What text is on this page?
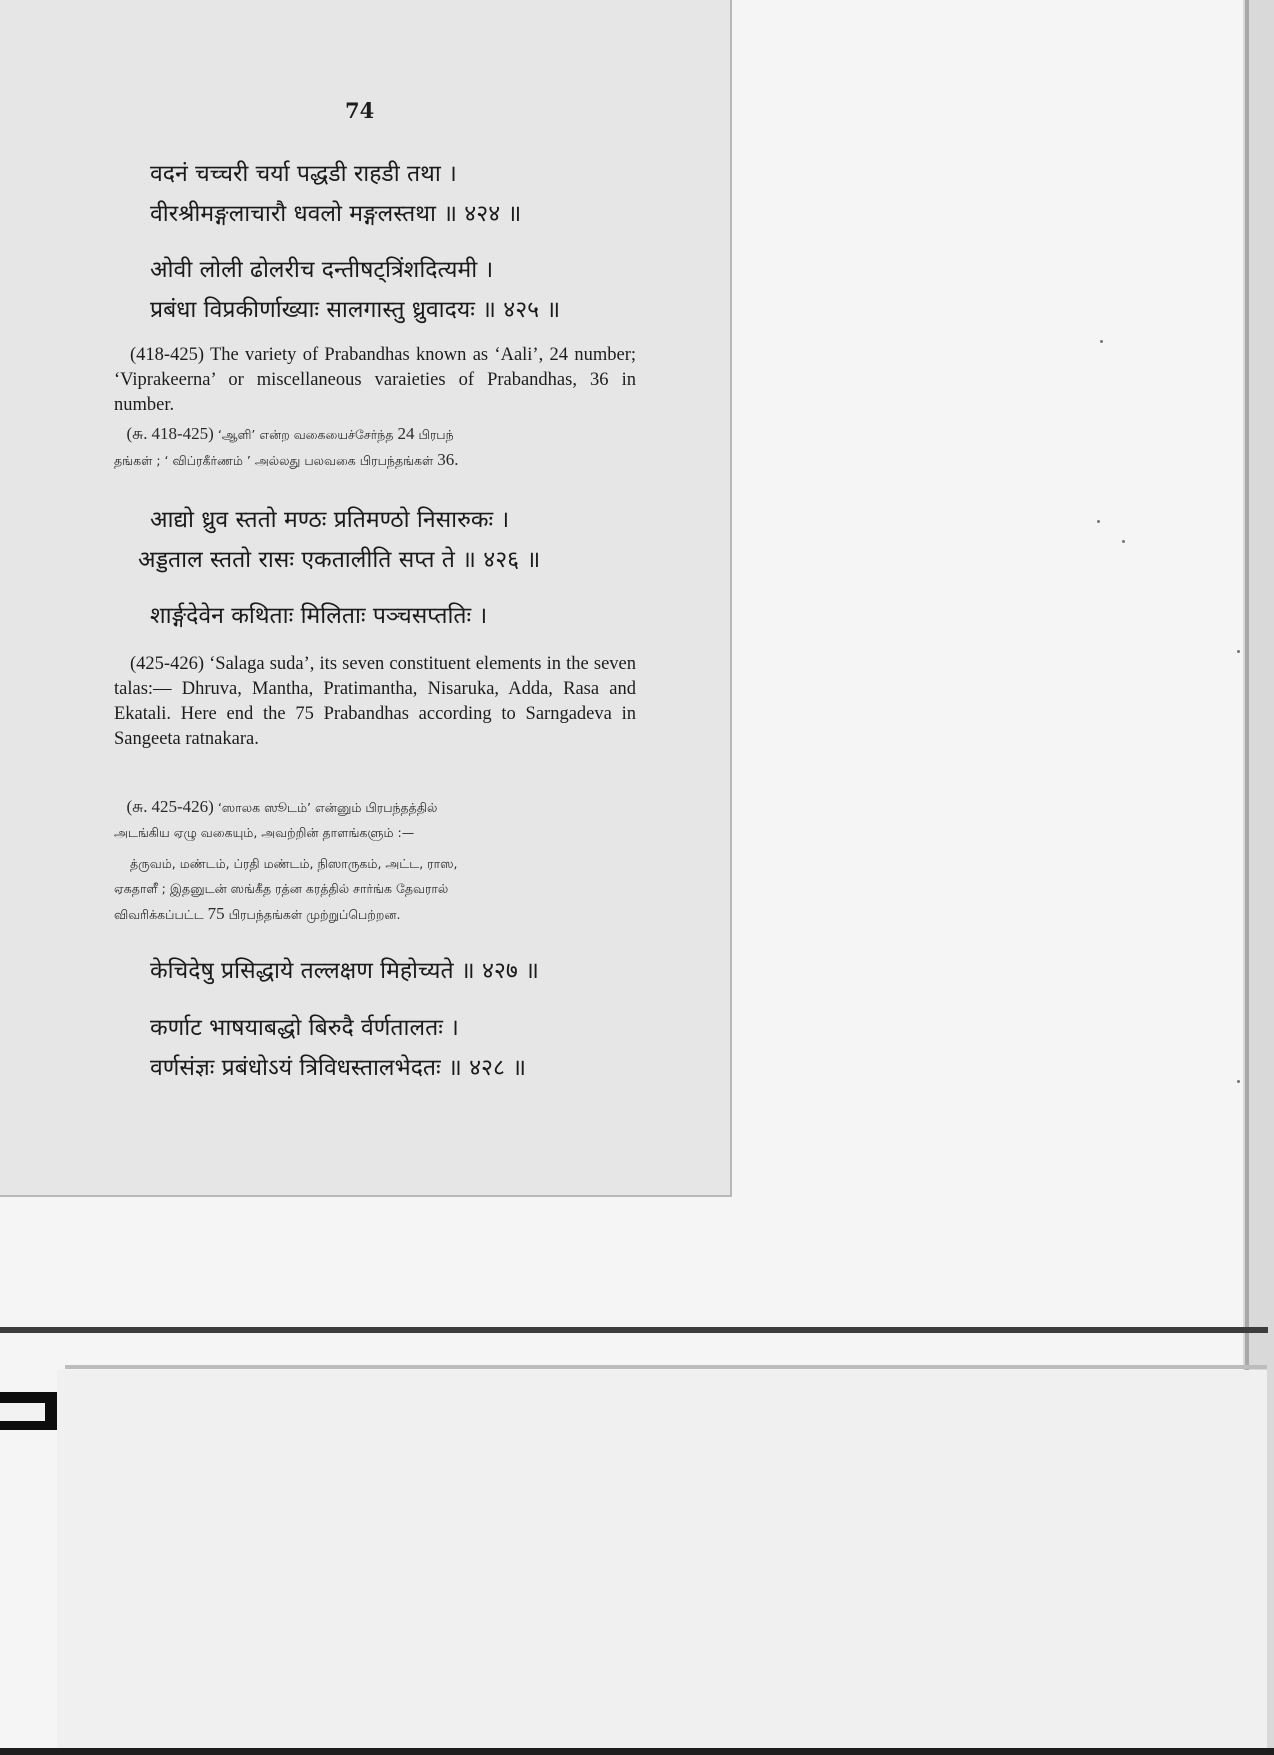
74
वदनं चच्चरी चर्या पद्धडी राहडी तथा ।
वीरश्रीमङ्गलाचारौ धवलो मङ्गलस्तथा ॥ ४२४ ॥
ओवी लोली ढोलरीच दन्तीषट्त्रिंशदित्यमी ।
प्रबंधा विप्रकीर्णाख्याः सालगास्तु ध्रुवादयः ॥ ४२५ ॥
(418-425) The variety of Prabandhas known as ‘Aali’, 24 number; ‘Viprakeerna’ or miscellaneous varaieties of Prabandhas, 36 in number.
 (சு. 418-425) ‘ஆளி’ என்ற வகையைச்சேர்ந்த 24 பிரபந்
தங்கள் ; ‘ விப்ரகீர்ணம் ’ அல்லது பலவகை பிரபந்தங்கள் 36.
आद्यो ध्रुव स्ततो मण्ठः प्रतिमण्ठो निसारुकः ।
अड्डताल स्ततो रासः एकतालीति सप्त ते ॥ ४२६ ॥
शार्ङ्गदेवेन कथिताः मिलिताः पञ्चसप्ततिः ।
(425-426) ‘Salaga suda’, its seven constituent elements in the seven talas:— Dhruva, Mantha, Pratimantha, Nisaruka, Adda, Rasa and Ekatali. Here end the 75 Prabandhas according to Sarngadeva in Sangeeta ratnakara.
 (சு. 425-426) ‘ஸாலக ஸூடம்’ என்னும் பிரபந்தத்தில்
அடங்கிய ஏழு வகையும், அவற்றின் தாளங்களும் :—
த்ருவம், மண்டம், ப்ரதி மண்டம், நிஸாருகம், அட்ட, ராஸ,
ஏகதாளீ ; இதனுடன் ஸங்கீத ரத்ன கரத்தில் சார்ங்க தேவரால்
விவரிக்கப்பட்ட 75 பிரபந்தங்கள் முற்றுப்பெற்றன.
केचिदेषु प्रसिद्धाये तल्लक्षण मिहोच्यते ॥ ४२७ ॥
कर्णाट भाषयाबद्धो बिरुदै र्वर्णतालतः ।
वर्णसंज्ञः प्रबंधोऽयं त्रिविधस्तालभेदतः ॥ ४२८ ॥
